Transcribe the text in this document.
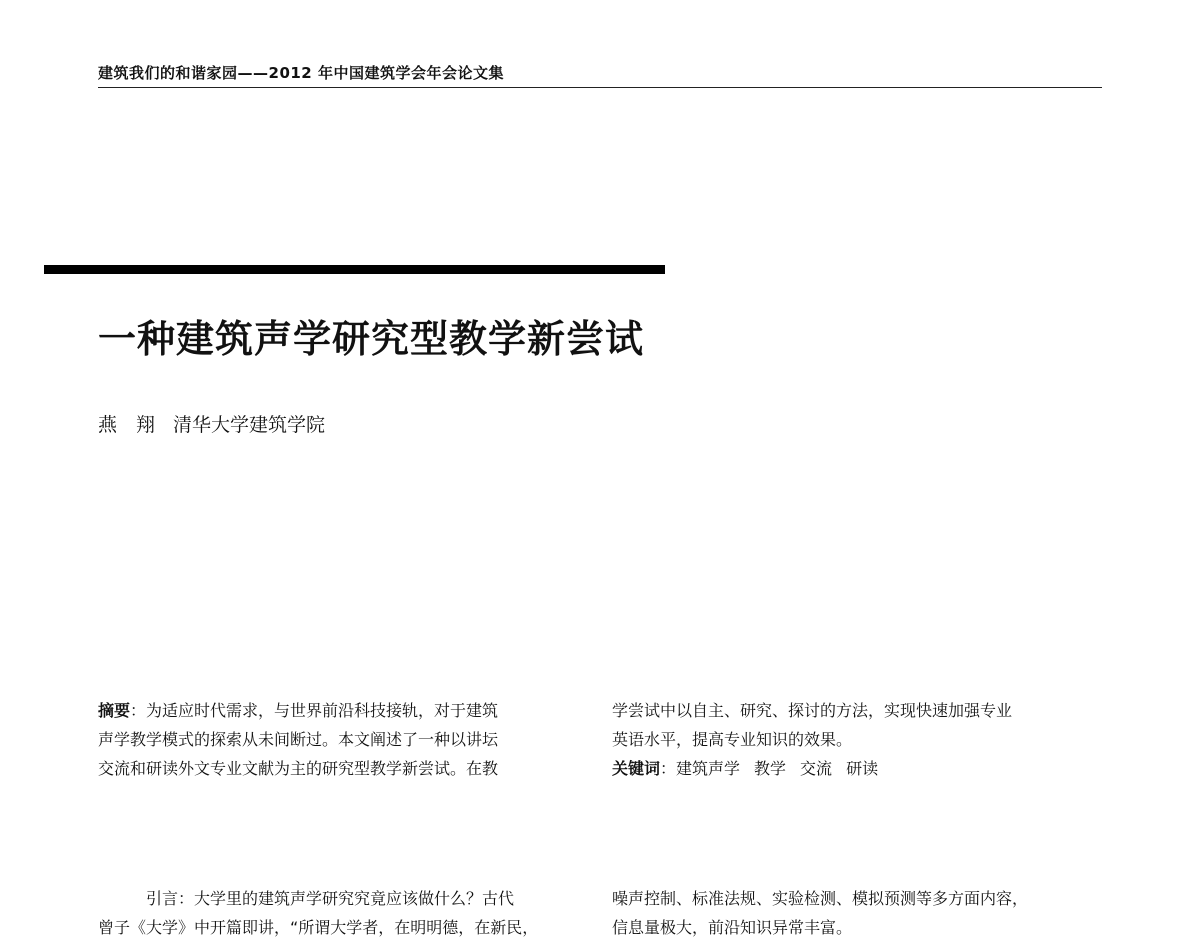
建筑我们的和谐家园——2012 年中国建筑学会年会论文集
一种建筑声学研究型教学新尝试
燕　翔 清华大学建筑学院
摘要：为适应时代需求，与世界前沿科技接轨，对于建筑
声学教学模式的探索从未间断过。本文阐述了一种以讲坛
交流和研读外文专业文献为主的研究型教学新尝试。在教
学尝试中以自主、研究、探讨的方法，实现快速加强专业
英语水平，提高专业知识的效果。
关键词：建筑声学 教学 交流 研读
引言：大学里的建筑声学研究究竟应该做什么？古代
曾子《大学》中开篇即讲，“所谓大学者，在明明德，在新民，
噪声控制、标准法规、实验检测、模拟预测等多方面内容，
信息量极大，前沿知识异常丰富。
